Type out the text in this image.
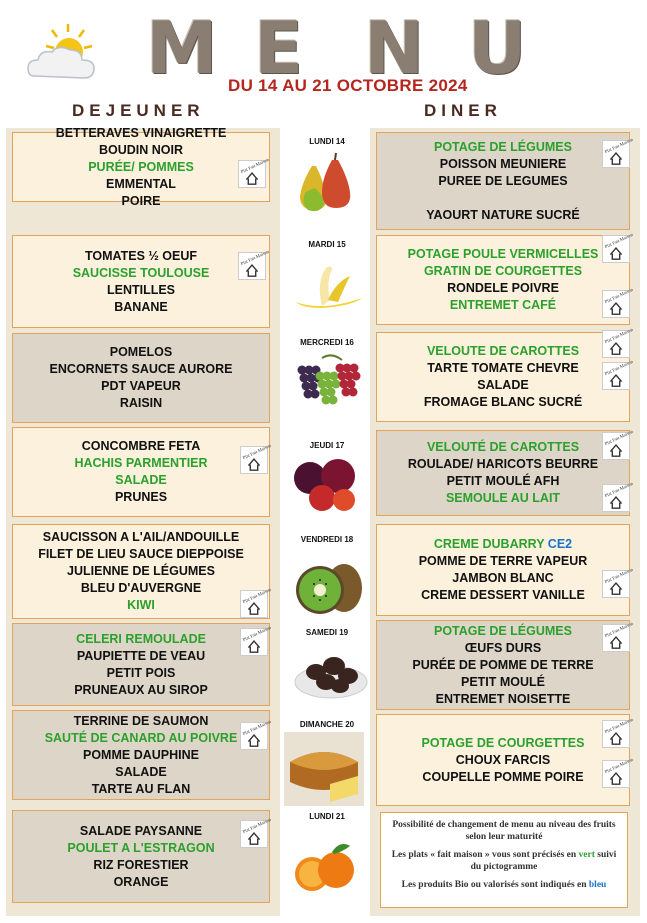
M E N U
DU 14 AU 21 OCTOBRE 2024
DEJEUNER	DINER
BETTERAVES VINAIGRETTE
BOUDIN NOIR
PURÉE/ POMMES
EMMENTAL
POIRE
Plat Fait Maison
POTAGE DE LÉGUMES
POISSON MEUNIERE
PUREE DE LEGUMES

YAOURT NATURE SUCRÉ
Plat Fait Maison
LUNDI 14
TOMATES ½ OEUF
SAUCISSE TOULOUSE
LENTILLES
BANANE
Plat Fait Maison	POTAGE POULE VERMICELLES
GRATIN DE COURGETTES
RONDELE POIVRE
ENTREMET CAFÉ
Plat Fait Maison
Plat Fait Maison
MARDI 15
POMELOS
ENCORNETS SAUCE AURORE
PDT VAPEUR
RAISIN
VELOUTE DE CAROTTES
TARTE TOMATE CHEVRE
SALADE
FROMAGE BLANC SUCRÉ
Plat Fait Maison
Plat Fait Maison
MERCREDI 16
CONCOMBRE FETA
HACHIS PARMENTIER
SALADE
PRUNES
Plat Fait Maison	VELOUTÉ DE CAROTTES
ROULADE/ HARICOTS BEURRE
PETIT MOULÉ AFH
SEMOULE AU LAIT
Plat Fait Maison
Plat Fait Maison
JEUDI 17
SAUCISSON A L'AIL/ANDOUILLE
FILET DE LIEU SAUCE DIEPPOISE
JULIENNE DE LÉGUMES
BLEU D'AUVERGNE
KIWI	Plat Fait Maison
CREME DUBARRY CE2
POMME DE TERRE VAPEUR
JAMBON BLANC
CREME DESSERT VANILLE
Plat Fait Maison
VENDREDI 18
CELERI REMOULADE
PAUPIETTE DE VEAU
PETIT POIS
PRUNEAUX AU SIROP
Plat Fait Maison	POTAGE DE LÉGUMES
ŒUFS DURS
PURÉE DE POMME DE TERRE
PETIT MOULÉ
ENTREMET NOISETTE
Plat Fait Maison
SAMEDI 19
TERRINE DE SAUMON
SAUTÉ DE CANARD AU POIVRE
POMME DAUPHINE
SALADE
TARTE AU FLAN
Plat Fait Maison
POTAGE DE COURGETTES
CHOUX FARCIS
COUPELLE POMME POIRE
Plat Fait Maison
Plat Fait Maison
DIMANCHE 20
SALADE PAYSANNE
POULET A L'ESTRAGON
RIZ FORESTIER
ORANGE
Plat Fait Maison
LUNDI 21

Possibilité de changement de menu au niveau des fruits selon leur maturité

Les plats « fait maison » vous sont précisés en vert suivi du pictogramme

Les produits Bio ou valorisés sont indiqués en bleu
